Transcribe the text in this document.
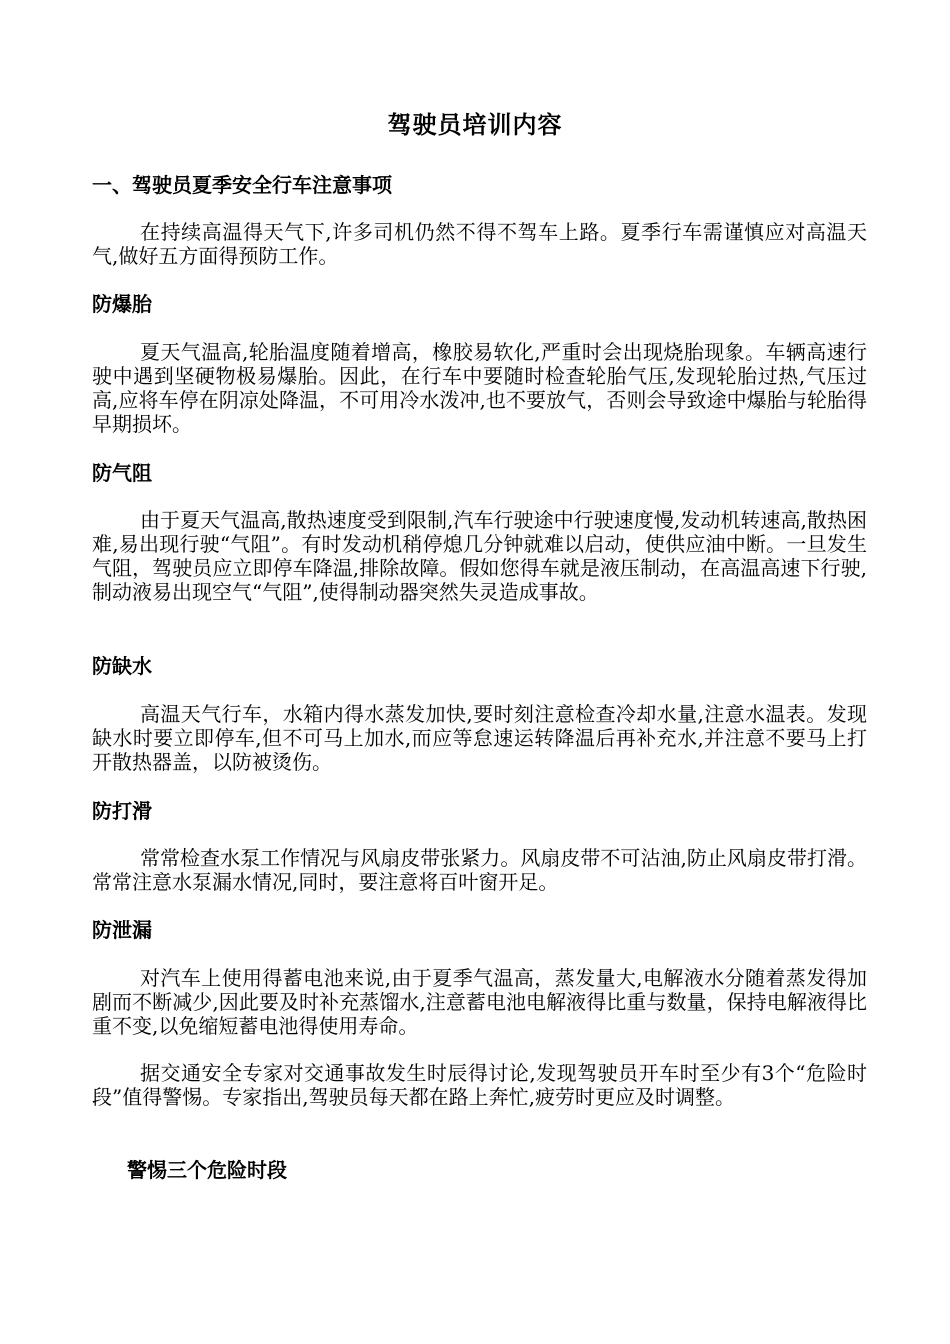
驾驶员培训内容
一、驾驶员夏季安全行车注意事项
在持续高温得天气下,许多司机仍然不得不驾车上路。夏季行车需谨慎应对高温天气,做好五方面得预防工作。
防爆胎
夏天气温高,轮胎温度随着增高，橡胶易软化,严重时会出现烧胎现象。车辆高速行驶中遇到坚硬物极易爆胎。因此，在行车中要随时检查轮胎气压,发现轮胎过热,气压过高,应将车停在阴凉处降温，不可用冷水泼冲,也不要放气，否则会导致途中爆胎与轮胎得早期损坏。
防气阻
由于夏天气温高,散热速度受到限制,汽车行驶途中行驶速度慢,发动机转速高,散热困难,易出现行驶“气阻”。有时发动机稍停熄几分钟就难以启动，使供应油中断。一旦发生气阻，驾驶员应立即停车降温,排除故障。假如您得车就是液压制动，在高温高速下行驶,制动液易出现空气“气阻”,使得制动器突然失灵造成事故。
防缺水
高温天气行车，水箱内得水蒸发加快,要时刻注意检查冷却水量,注意水温表。发现缺水时要立即停车,但不可马上加水,而应等怠速运转降温后再补充水,并注意不要马上打开散热器盖，以防被烫伤。
防打滑
常常检查水泵工作情况与风扇皮带张紧力。风扇皮带不可沾油,防止风扇皮带打滑。常常注意水泵漏水情况,同时，要注意将百叶窗开足。
防泄漏
对汽车上使用得蓄电池来说,由于夏季气温高，蒸发量大,电解液水分随着蒸发得加剧而不断减少,因此要及时补充蒸馏水,注意蓄电池电解液得比重与数量，保持电解液得比重不变,以免缩短蓄电池得使用寿命。
据交通安全专家对交通事故发生时辰得讨论,发现驾驶员开车时至少有3个“危险时段”值得警惕。专家指出,驾驶员每天都在路上奔忙,疲劳时更应及时调整。
警惕三个危险时段
